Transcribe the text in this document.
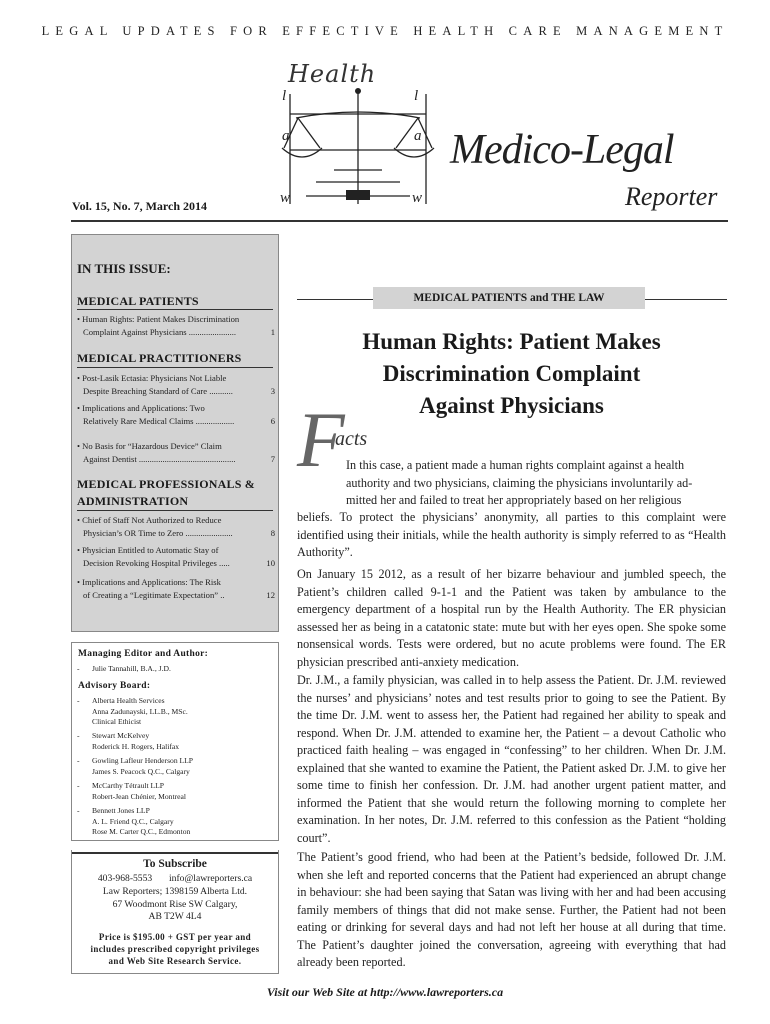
LEGAL UPDATES FOR EFFECTIVE HEALTH CARE MANAGEMENT
Health
l
a
w
l
a
w
Medico-Legal
Reporter
Vol. 15, No. 7, March 2014
IN THIS ISSUE:
MEDICAL PATIENTS
• Human Rights: Patient Makes Discrimination
Complaint Against Physicians ......................	1
MEDICAL PRACTITIONERS
• Post-Lasik Ectasia: Physicians Not Liable
Despite Breaching Standard of Care ...........	3
• Implications and Applications: Two
Relatively Rare Medical Claims ..................	6
• No Basis for “Hazardous Device” Claim
Against Dentist .............................................	7
MEDICAL PROFESSIONALS &
ADMINISTRATION
• Chief of Staff Not Authorized to Reduce
Physician’s OR Time to Zero ......................	8
• Physician Entitled to Automatic Stay of
Decision Revoking Hospital Privileges .....	10
• Implications and Applications: The Risk
of Creating a “Legitimate Expectation” ..	12
Managing Editor and Author:
-	Julie Tannahill, B.A., J.D.
Advisory Board:
-	Alberta Health Services
Anna Zadunayski, LL.B., MSc.
Clinical Ethicist
-	Stewart McKelvey
Roderick H. Rogers, Halifax
-	Gowling Lafleur Henderson LLP
James S. Peacock Q.C., Calgary
-	McCarthy Tétrault LLP
Robert-Jean Chénier, Montreal
-	Bennett Jones LLP
A. L. Friend Q.C., Calgary
Rose M. Carter Q.C., Edmonton
To Subscribe
403-968-5553 info@lawreporters.ca
Law Reporters; 1398159 Alberta Ltd.
67 Woodmont Rise SW Calgary,
AB T2W 4L4
Price is $195.00 + GST per year and
includes prescribed copyright privileges
and Web Site Research Service.
MEDICAL PATIENTS and THE LAW
Human Rights: Patient Makes
Discrimination Complaint
Against Physicians
F
acts
In this case, a patient made a human rights complaint against a health
authority and two physicians, claiming the physicians involuntarily ad-
mitted her and failed to treat her appropriately based on her religious
beliefs. To protect the physicians’ anonymity, all parties to this complaint were identified using their initials, while the health authority is simply referred to as “Health Authority”.
On January 15 2012, as a result of her bizarre behaviour and jumbled speech, the Patient’s children called 9-1-1 and the Patient was taken by ambulance to the emergency department of a hospital run by the Health Authority. The ER physician assessed her as being in a catatonic state: mute but with her eyes open. She spoke some nonsensical words. Tests were ordered, but no acute problems were found. The ER physician prescribed anti-anxiety medication.
Dr. J.M., a family physician, was called in to help assess the Patient. Dr. J.M. reviewed the nurses’ and physicians’ notes and test results prior to going to see the Patient. By the time Dr. J.M. went to assess her, the Patient had regained her ability to speak and respond. When Dr. J.M. attended to examine her, the Patient – a devout Catholic who practiced faith healing – was engaged in “confessing” to her children. When Dr. J.M. explained that she wanted to examine the Patient, the Patient asked Dr. J.M. to give her some time to finish her confession. Dr. J.M. had another urgent patient matter, and informed the Patient that she would return the following morning to complete her examination. In her notes, Dr. J.M. referred to this confession as the Patient “holding court”.
The Patient’s good friend, who had been at the Patient’s bedside, followed Dr. J.M. when she left and reported concerns that the Patient had experienced an abrupt change in behaviour: she had been saying that Satan was living with her and had been accusing family members of things that did not make sense. Further, the Patient had not been eating or drinking for several days and had not left her house at all during that time. The Patient’s daughter joined the conversation, agreeing with everything that had already been reported.
Visit our Web Site at http://www.lawreporters.ca
